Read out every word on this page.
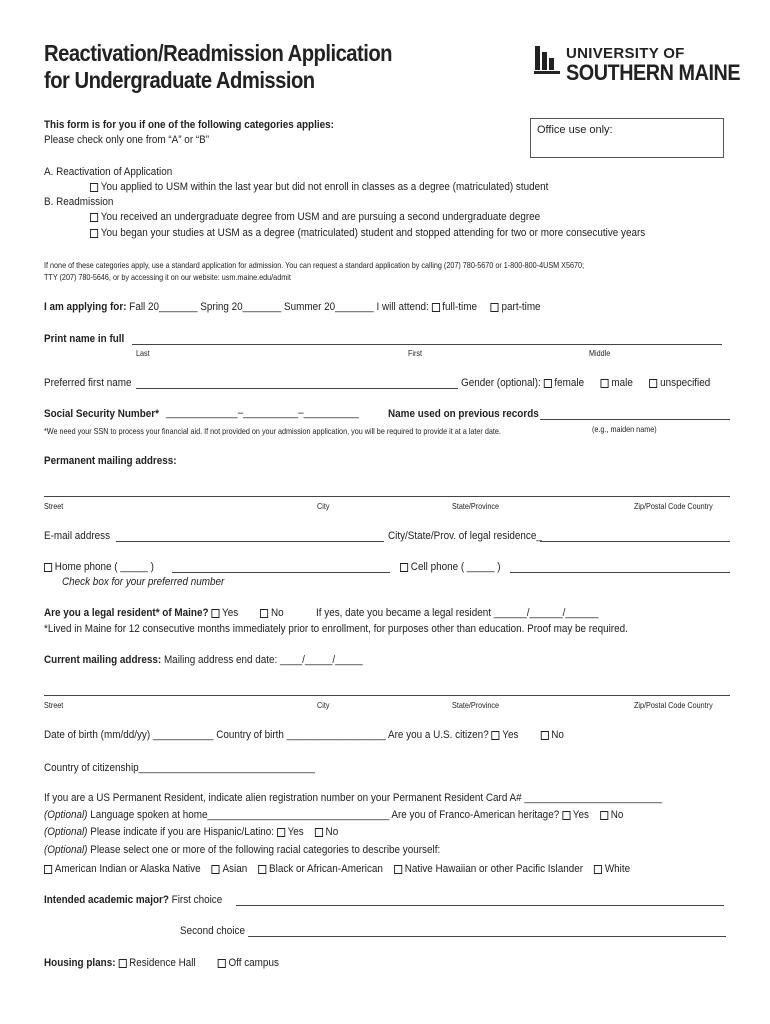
Reactivation/Readmission Application
for Undergraduate Admission
UNIVERSITY OF
SOUTHERN MAINE
Office use only:
This form is for you if one of the following categories applies:
Please check only one from “A” or “B”
A. Reactivation of Application
You applied to USM within the last year but did not enroll in classes as a degree (matriculated) student
B. Readmission
You received an undergraduate degree from USM and are pursuing a second undergraduate degree
You began your studies at USM as a degree (matriculated) student and stopped attending for two or more consecutive years
If none of these categories apply, use a standard application for admission. You can request a standard application by calling (207) 780-5670 or 1-800-800-4USM X5670;
TTY (207) 780-5646, or by accessing it on our website: usm.maine.edu/admit
I am applying for: Fall 20_______ Spring 20_______ Summer 20_______ I will attend: full-time part-time
Print name in full
Last	First	Middle
Preferred first name	Gender (optional): female male unspecified
Social Security Number* _____________–__________–__________	Name used on previous records
*We need your SSN to process your financial aid. If not provided on your admission application, you will be required to provide it at a later date.	(e.g., maiden name)
Permanent mailing address:
Street	City	State/Province	Zip/Postal Code Country
E-mail address	City/State/Prov. of legal residence_
Home phone ( _____ )	Cell phone ( _____ )
Check box for your preferred number
Are you a legal resident* of Maine? Yes	No	If yes, date you became a legal resident ______/______/______
*Lived in Maine for 12 consecutive months immediately prior to enrollment, for purposes other than education. Proof may be required.
Current mailing address: Mailing address end date: ____/_____/_____
Street	City	State/Province	Zip/Postal Code Country
Date of birth (mm/dd/yy) ___________ Country of birth __________________ Are you a U.S. citizen? Yes	No
Country of citizenship________________________________
If you are a US Permanent Resident, indicate alien registration number on your Permanent Resident Card A# _________________________
(Optional) Language spoken at home_________________________________ Are you of Franco-American heritage? Yes No
(Optional) Please indicate if you are Hispanic/Latino: Yes No
(Optional) Please select one or more of the following racial categories to describe yourself:
American Indian or Alaska Native Asian Black or African-American Native Hawaiian or other Pacific Islander White
Intended academic major? First choice
Second choice
Housing plans: Residence Hall	Off campus
